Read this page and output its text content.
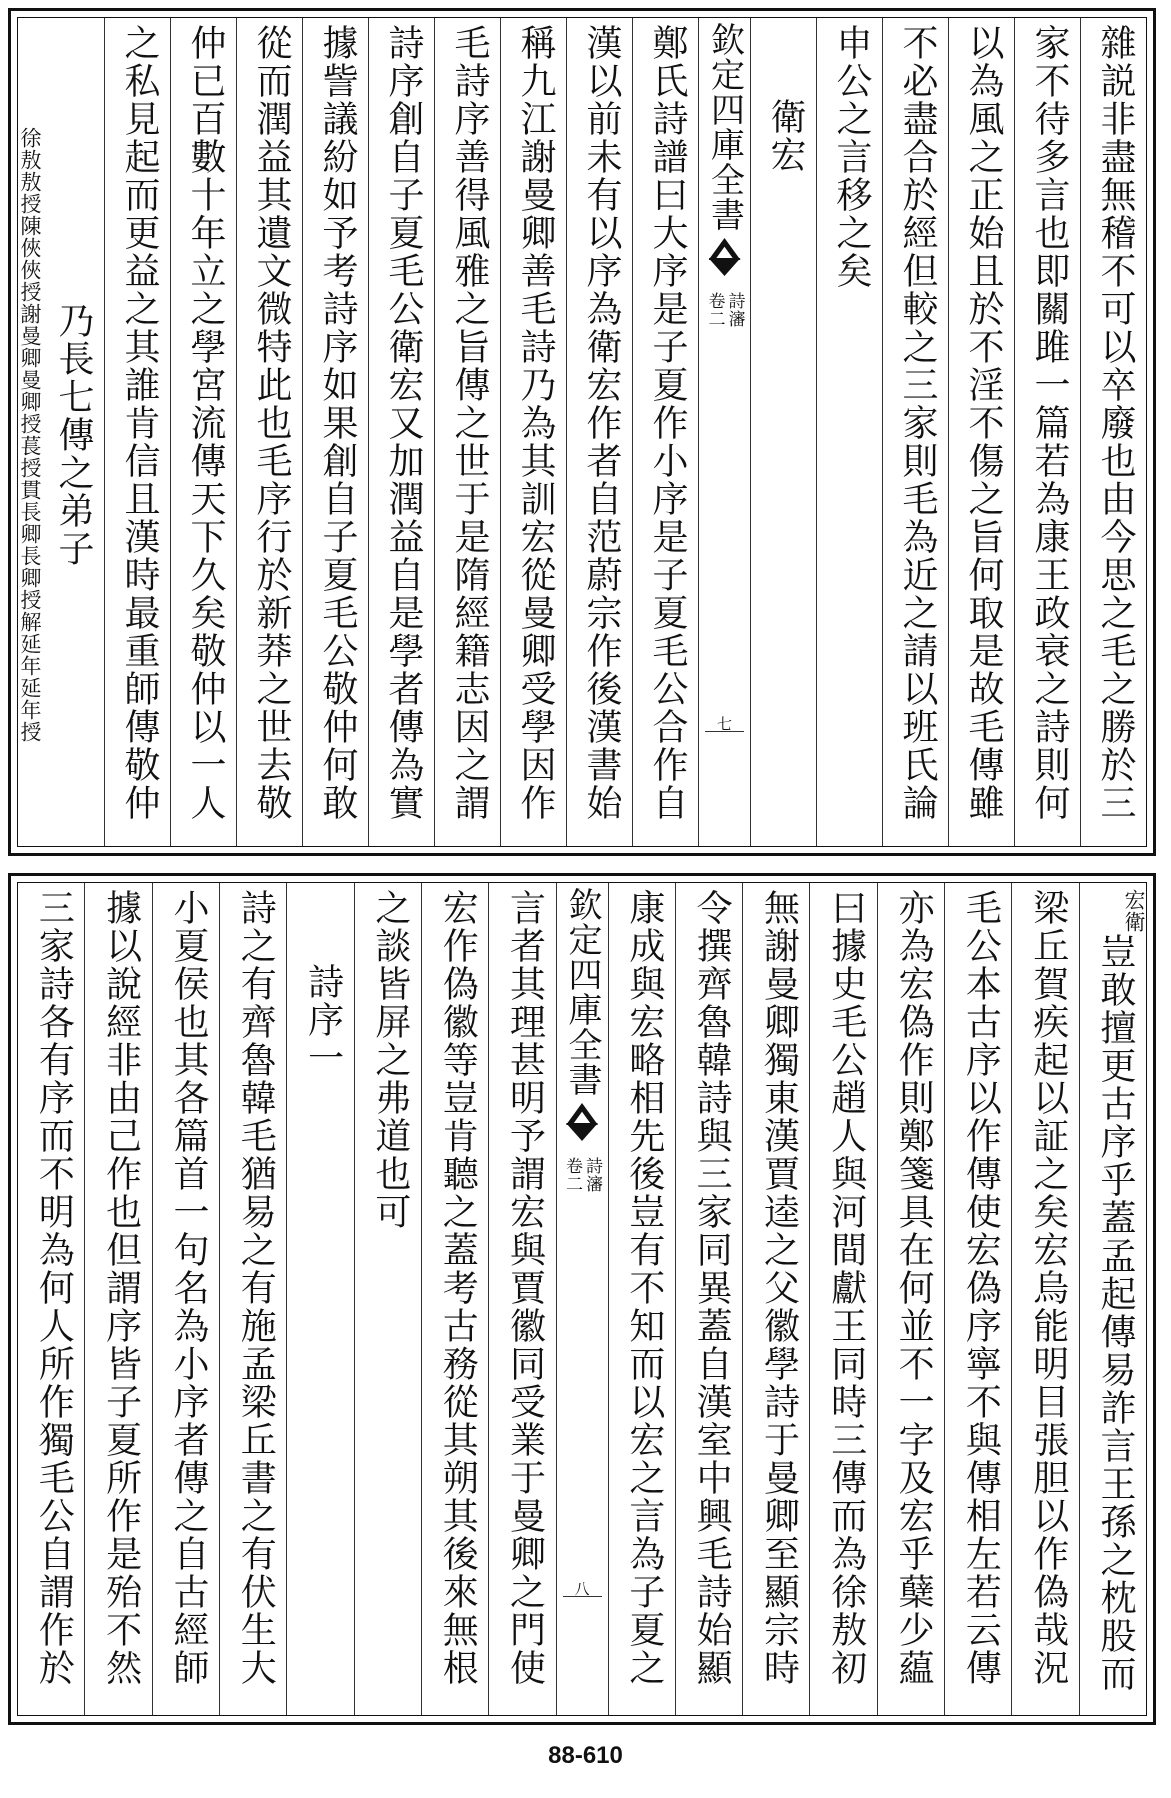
雜説非盡無稽不可以卒廢也由今思之毛之勝於三
家不待多言也即關雎一篇若為康王政衰之詩則何
以為風之正始且於不淫不傷之旨何取是故毛傳雖
不必盡合於經但較之三家則毛為近之請以班氏論
申公之言移之矣
衛宏
欽定四庫全書
詩瀋
卷二
七
鄭氏詩譜曰大序是子夏作小序是子夏毛公合作自
漢以前未有以序為衛宏作者自范蔚宗作後漢書始
稱九江謝曼卿善毛詩乃為其訓宏從曼卿受學因作
毛詩序善得風雅之旨傳之世于是隋經籍志因之謂
詩序創自子夏毛公衛宏又加潤益自是學者傳為實
據訾議紛如予考詩序如果創自子夏毛公敬仲何敢
從而潤益其遺文微特此也毛序行於新莽之世去敬
仲已百數十年立之學宮流傳天下久矣敬仲以一人
之私見起而更益之其誰肯信且漢時最重師傳敬仲
乃長七傳之弟子
萇授貫長卿長卿授解延年延年授
徐敖敖授陳俠俠授謝曼卿曼卿授
衛
宏
豈敢擅更古序乎蓋孟起傳易詐言王孫之枕股而
梁丘賀疾起以証之矣宏烏能明目張胆以作偽哉況
毛公本古序以作傳使宏偽序寧不與傳相左若云傳
亦為宏偽作則鄭箋具在何並不一字及宏乎蘖少藴
曰據史毛公趙人與河間獻王同時三傳而為徐敖初
無謝曼卿獨東漢賈逵之父徽學詩于曼卿至顯宗時
令撰齊魯韓詩與三家同異蓋自漢室中興毛詩始顯
康成與宏略相先後豈有不知而以宏之言為子夏之
欽定四庫全書
詩瀋
卷二
八
言者其理甚明予謂宏與賈徽同受業于曼卿之門使
宏作偽徽等豈肯聽之蓋考古務從其朔其後來無根
之談皆屏之弗道也可
詩序一
詩之有齊魯韓毛猶易之有施孟梁丘書之有伏生大
小夏侯也其各篇首一句名為小序者傳之自古經師
據以說經非由己作也但謂序皆子夏所作是殆不然
三家詩各有序而不明為何人所作獨毛公自謂作於
88-610
